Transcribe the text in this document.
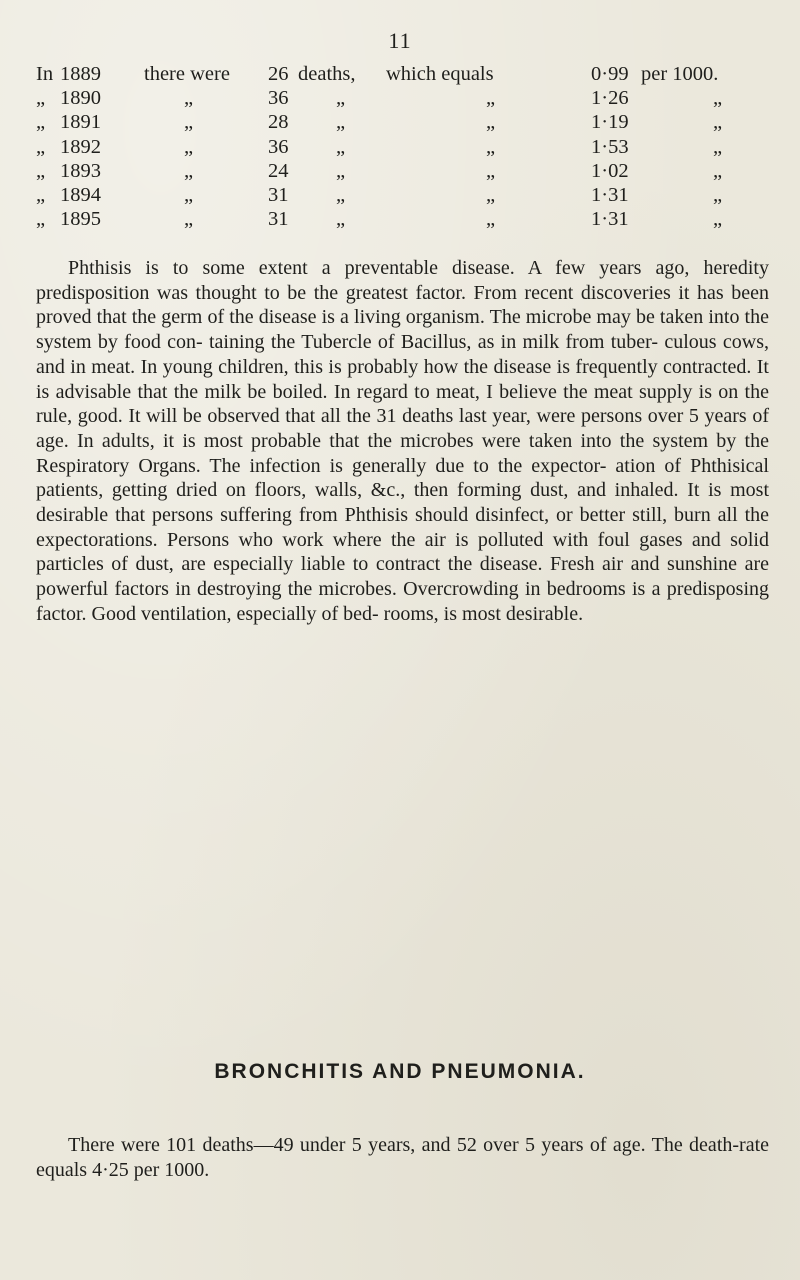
11
In 1889 there were 26 deaths, which equals	0·99 per 1000.
„ 1890	„	36 „	„	1·26	„
„ 1891	„	28 „	„	1·19	„
„ 1892	„	36 „	„	1·53	„
„ 1893	„	24 „	„	1·02	„
„ 1894	„	31 „	„	1·31	„
„ 1895	„	31 „	„	1·31	„

Phthisis is to some extent a preventable disease. A few years ago, heredity predisposition was thought to be the greatest factor. From recent discoveries it has been proved that the germ of the disease is a living organism. The microbe may be taken into the system by food con- taining the Tubercle of Bacillus, as in milk from tuber- culous cows, and in meat. In young children, this is probably how the disease is frequently contracted. It is advisable that the milk be boiled. In regard to meat, I believe the meat supply is on the rule, good. It will be observed that all the 31 deaths last year, were persons over 5 years of age. In adults, it is most probable that the microbes were taken into the system by the Respiratory Organs. The infection is generally due to the expector- ation of Phthisical patients, getting dried on floors, walls, &c., then forming dust, and inhaled. It is most desirable that persons suffering from Phthisis should disinfect, or better still, burn all the expectorations. Persons who work where the air is polluted with foul gases and solid particles of dust, are especially liable to contract the disease. Fresh air and sunshine are powerful factors in destroying the microbes. Overcrowding in bedrooms is a predisposing factor. Good ventilation, especially of bed- rooms, is most desirable.

BRONCHITIS AND PNEUMONIA.

There were 101 deaths—49 under 5 years, and 52 over 5 years of age. The death-rate equals 4·25 per 1000.
